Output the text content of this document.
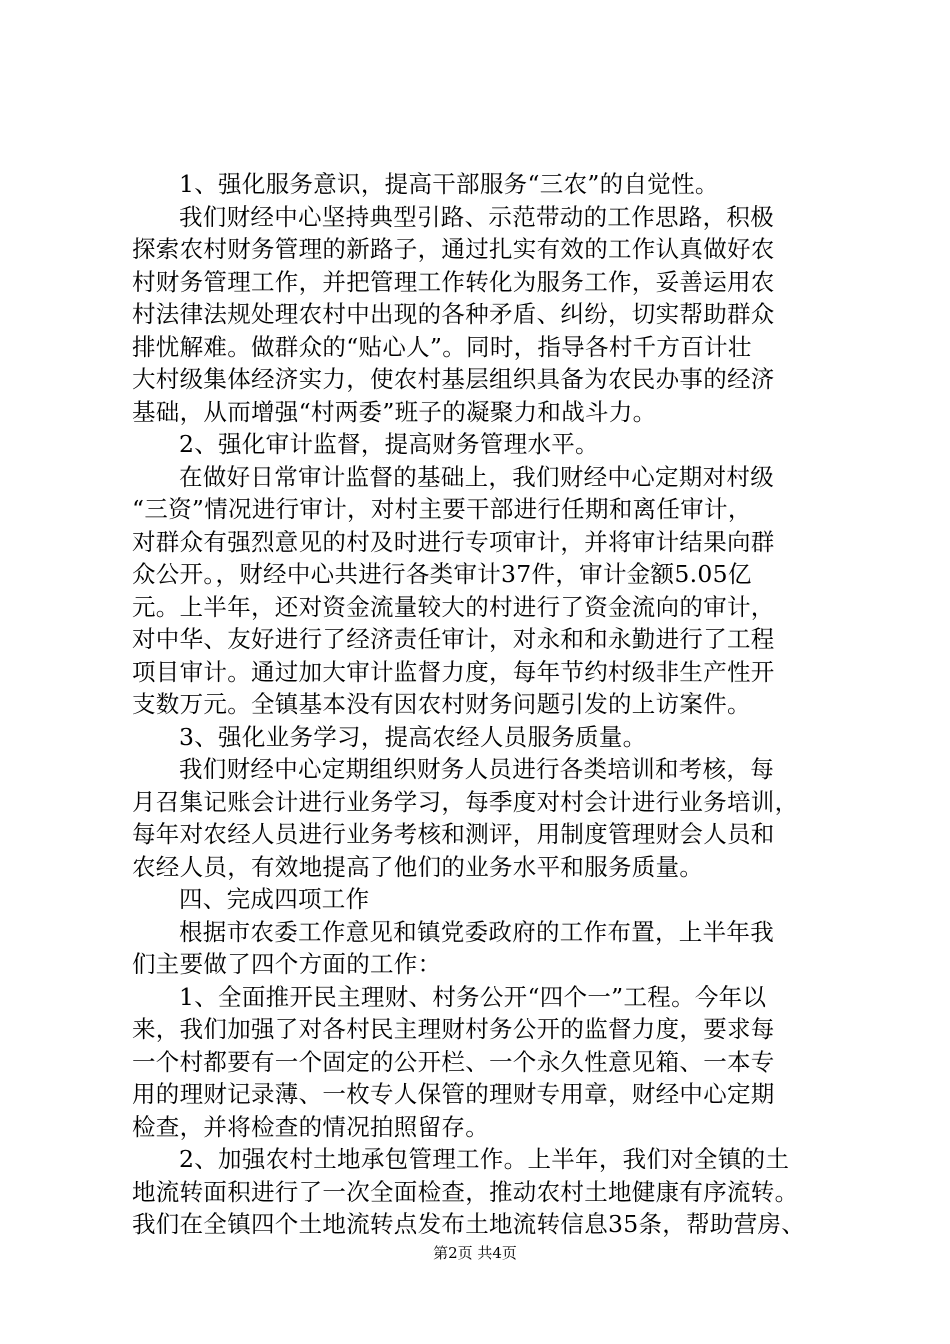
1、强化服务意识，提高干部服务“三农”的自觉性。
我们财经中心坚持典型引路、示范带动的工作思路，积极
探索农村财务管理的新路子，通过扎实有效的工作认真做好农
村财务管理工作，并把管理工作转化为服务工作，妥善运用农
村法律法规处理农村中出现的各种矛盾、纠纷，切实帮助群众
排忧解难。做群众的“贴心人”。同时，指导各村千方百计壮
大村级集体经济实力，使农村基层组织具备为农民办事的经济
基础，从而增强“村两委”班子的凝聚力和战斗力。
2、强化审计监督，提高财务管理水平。
在做好日常审计监督的基础上，我们财经中心定期对村级
“三资”情况进行审计，对村主要干部进行任期和离任审计，
对群众有强烈意见的村及时进行专项审计，并将审计结果向群
众公开。，财经中心共进行各类审计37件，审计金额5.05亿
元。上半年，还对资金流量较大的村进行了资金流向的审计，
对中华、友好进行了经济责任审计，对永和和永勤进行了工程
项目审计。通过加大审计监督力度，每年节约村级非生产性开
支数万元。全镇基本没有因农村财务问题引发的上访案件。
3、强化业务学习，提高农经人员服务质量。
我们财经中心定期组织财务人员进行各类培训和考核，每
月召集记账会计进行业务学习，每季度对村会计进行业务培训，
每年对农经人员进行业务考核和测评，用制度管理财会人员和
农经人员，有效地提高了他们的业务水平和服务质量。
四、完成四项工作
根据市农委工作意见和镇党委政府的工作布置，上半年我
们主要做了四个方面的工作：
1、全面推开民主理财、村务公开“四个一”工程。今年以
来，我们加强了对各村民主理财村务公开的监督力度，要求每
一个村都要有一个固定的公开栏、一个永久性意见箱、一本专
用的理财记录薄、一枚专人保管的理财专用章，财经中心定期
检查，并将检查的情况拍照留存。
2、加强农村土地承包管理工作。上半年，我们对全镇的土
地流转面积进行了一次全面检查，推动农村土地健康有序流转。
我们在全镇四个土地流转点发布土地流转信息35条，帮助营房、
第2页 共4页
